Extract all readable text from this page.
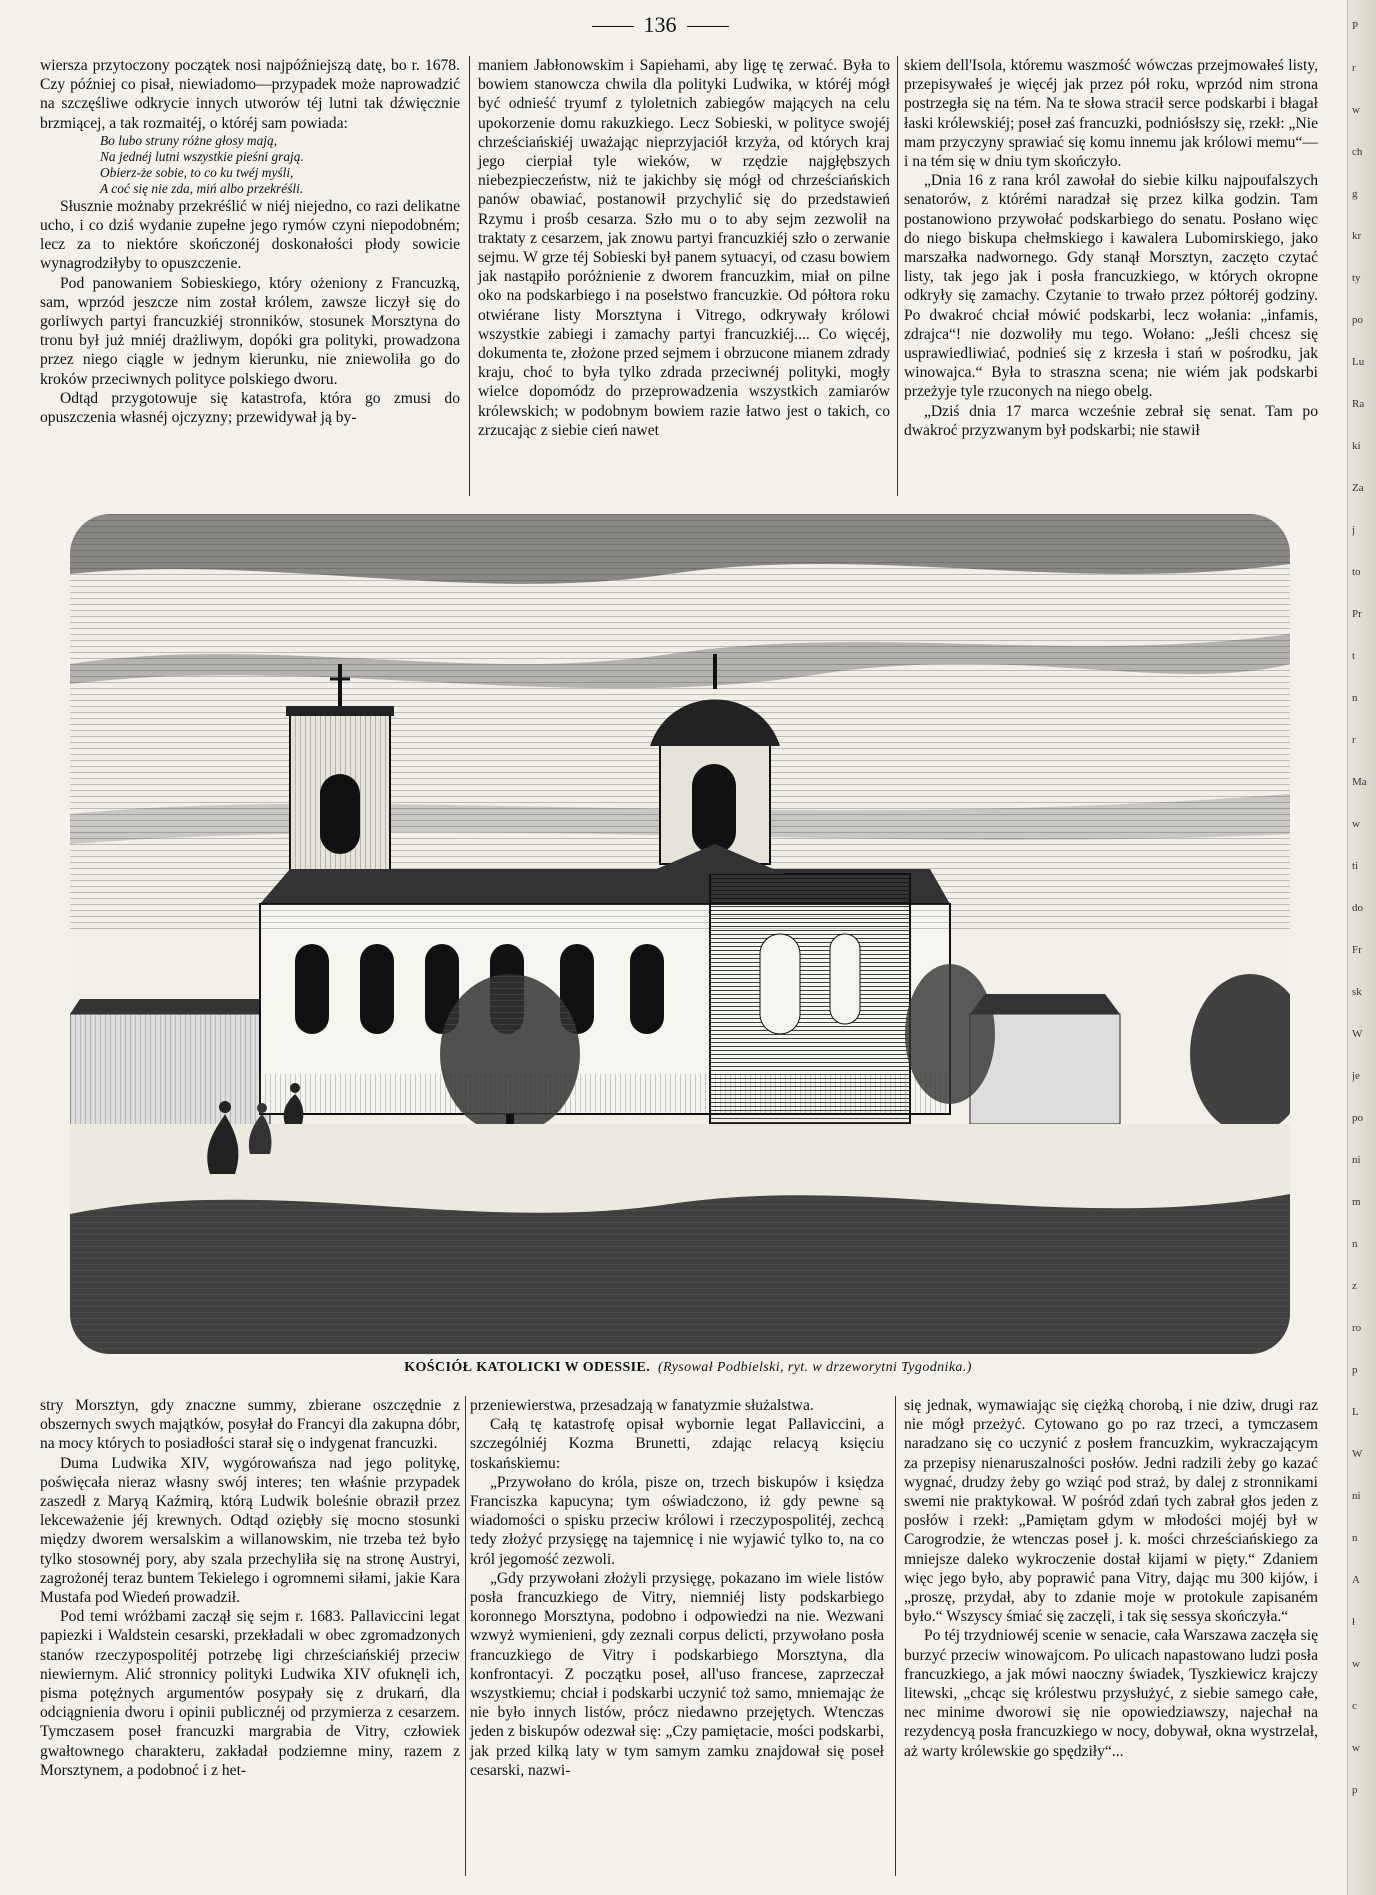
136

wiersza przytoczony początek nosi najpóźniejszą datę, bo r. 1678. Czy później co pisał, niewiadomo—przypadek może naprowadzić na szczęśliwe odkrycie innych utworów téj lutni tak dźwięcznie brzmiącej, a tak rozmaitéj, o któréj sam powiada:

Bo lubo struny różne głosy mają,

Na jednéj lutni wszystkie pieśni grają.

Obierz-że sobie, to co ku twéj myśli,

A coć się nie zda, miń albo przekréśli.

Słusznie możnaby przekréślić w niéj niejedno, co razi delikatne ucho, i co dziś wydanie zupełne jego rymów czyni niepodobném; lecz za to niektóre skończonéj doskonałości płody sowicie wynagrodziłyby to opuszczenie.

Pod panowaniem Sobieskiego, który ożeniony z Francuzką, sam, wprzód jeszcze nim został królem, zawsze liczył się do gorliwych partyi francuzkiéj stronników, stosunek Morsztyna do tronu był już mniéj drażliwym, dopóki gra polityki, prowadzona przez niego ciągle w jednym kierunku, nie zniewoliła go do kroków przeciwnych polityce polskiego dworu.

Odtąd przygotowuje się katastrofa, która go zmusi do opuszczenia własnéj ojczyzny; przewidywał ją by-

maniem Jabłonowskim i Sapiehami, aby ligę tę zerwać. Była to bowiem stanowcza chwila dla polityki Ludwika, w któréj mógł być odnieść tryumf z tyloletnich zabiegów mających na celu upokorzenie domu rakuzkiego. Lecz Sobieski, w polityce swojéj chrześciańskiéj uważając nieprzyjaciół krzyża, od których kraj jego cierpiał tyle wieków, w rzędzie najgłębszych niebezpieczeństw, niż te jakichby się mógł od chrześciańskich panów obawiać, postanowił przychylić się do przedstawień Rzymu i prośb cesarza. Szło mu o to aby sejm zezwolił na traktaty z cesarzem, jak znowu partyi francuzkiéj szło o zerwanie sejmu. W grze téj Sobieski był panem sytuacyi, od czasu bowiem jak nastąpiło poróżnienie z dworem francuzkim, miał on pilne oko na podskarbiego i na posełstwo francuzkie. Od półtora roku otwiérane listy Morsztyna i Vitrego, odkrywały królowi wszystkie zabiegi i zamachy partyi francuzkiéj.... Co więcéj, dokumenta te, złożone przed sejmem i obrzucone mianem zdrady kraju, choć to była tylko zdrada przeciwnéj polityki, mogły wielce dopomódz do przeprowadzenia wszystkich zamiarów królewskich; w podobnym bowiem razie łatwo jest o takich, co zrzucając z siebie cień nawet

skiem dell'Isola, któremu waszmość wówczas przejmowałeś listy, przepisywałeś je więcéj jak przez pół roku, wprzód nim strona postrzegła się na tém. Na te słowa stracił serce podskarbi i błagał łaski królewskiéj; poseł zaś francuzki, podniósłszy się, rzekł: „Nie mam przyczyny sprawiać się komu innemu jak królowi memu“—i na tém się w dniu tym skończyło.

„Dnia 16 z rana król zawołał do siebie kilku najpoufalszych senatorów, z którémi naradzał się przez kilka godzin. Tam postanowiono przywołać podskarbiego do senatu. Posłano więc do niego biskupa chełmskiego i kawalera Lubomirskiego, jako marszałka nadwornego. Gdy stanął Morsztyn, zaczęto czytać listy, tak jego jak i posła francuzkiego, w których okropne odkryły się zamachy. Czytanie to trwało przez półtoréj godziny. Po dwakroć chciał mówić podskarbi, lecz wołania: „infamis, zdrajca“! nie dozwoliły mu tego. Wołano: „Jeśli chcesz się usprawiedliwiać, podnieś się z krzesła i stań w pośrodku, jak winowajca.“ Była to straszna scena; nie wiém jak podskarbi przeżyje tyle rzuconych na niego obelg.

„Dziś dnia 17 marca wcześnie zebrał się senat. Tam po dwakroć przyzwanym był podskarbi; nie stawił

KOŚCIÓŁ KATOLICKI W ODESSIE. (Rysował Podbielski, ryt. w drzeworytni Tygodnika.)

stry Morsztyn, gdy znaczne summy, zbierane oszczędnie z obszernych swych majątków, posyłał do Francyi dla zakupna dóbr, na mocy których to posiadłości starał się o indygenat francuzki.

Duma Ludwika XIV, wygórowańsza nad jego politykę, poświęcała nieraz własny swój interes; ten właśnie przypadek zaszedł z Maryą Kaźmirą, którą Ludwik boleśnie obraził przez lekceważenie jéj krewnych. Odtąd oziębły się mocno stosunki między dworem wersalskim a willanowskim, nie trzeba też było tylko stosownéj pory, aby szala przechyliła się na stronę Austryi, zagrożonéj teraz buntem Tekielego i ogromnemi siłami, jakie Kara Mustafa pod Wiedeń prowadził.

Pod temi wróżbami zaczął się sejm r. 1683. Pallaviccini legat papiezki i Waldstein cesarski, przekładali w obec zgromadzonych stanów rzeczypospolitéj potrzebę ligi chrześciańskiéj przeciw niewiernym. Alić stronnicy polityki Ludwika XIV ofuknęli ich, pisma potężnych argumentów posypały się z drukarń, dla odciągnienia dworu i opinii publicznéj od przymierza z cesarzem. Tymczasem poseł francuzki margrabia de Vitry, człowiek gwałtownego charakteru, zakładał podziemne miny, razem z Morsztynem, a podobnoć i z het-

przeniewierstwa, przesadzają w fanatyzmie służalstwa.

Całą tę katastrofę opisał wybornie legat Pallaviccini, a szczególniéj Kozma Brunetti, zdając relacyą księciu toskańskiemu:

„Przywołano do króla, pisze on, trzech biskupów i księdza Franciszka kapucyna; tym oświadczono, iż gdy pewne są wiadomości o spisku przeciw królowi i rzeczypospolitéj, zechcą tedy złożyć przysięgę na tajemnicę i nie wyjawić tylko to, na co król jegomość zezwoli.

„Gdy przywołani złożyli przysięgę, pokazano im wiele listów posła francuzkiego de Vitry, niemniéj listy podskarbiego koronnego Morsztyna, podobno i odpowiedzi na nie. Wezwani wzwyż wymienieni, gdy zeznali corpus delicti, przywołano posła francuzkiego de Vitry i podskarbiego Morsztyna, dla konfrontacyi. Z początku poseł, all'uso francese, zaprzeczał wszystkiemu; chciał i podskarbi uczynić toż samo, mniemając że nie było innych listów, prócz niedawno przejętych. Wtenczas jeden z biskupów odezwał się: „Czy pamiętacie, mości podskarbi, jak przed kilką laty w tym samym zamku znajdował się poseł cesarski, nazwi-

się jednak, wymawiając się ciężką chorobą, i nie dziw, drugi raz nie mógł przeżyć. Cytowano go po raz trzeci, a tymczasem naradzano się co uczynić z posłem francuzkim, wykraczającym za przepisy nienaruszalności posłów. Jedni radzili żeby go kazać wygnać, drudzy żeby go wziąć pod straż, by dalej z stronnikami swemi nie praktykował. W pośród zdań tych zabrał głos jeden z posłów i rzekł: „Pamiętam gdym w młodości mojéj był w Carogrodzie, że wtenczas poseł j. k. mości chrześciańskiego za mniejsze daleko wykroczenie dostał kijami w pięty.“ Zdaniem więc jego było, aby poprawić pana Vitry, dając mu 300 kijów, i „proszę, przydał, aby to zdanie moje w protokule zapisaném było.“ Wszyscy śmiać się zaczęli, i tak się sessya skończyła.“

Po téj trzydniowéj scenie w senacie, cała Warszawa zaczęła się burzyć przeciw winowajcom. Po ulicach napastowano ludzi posła francuzkiego, a jak mówi naoczny świadek, Tyszkiewicz krajczy litewski, „chcąc się królestwu przysłużyć, z siebie samego całe, nec minime dworowi się nie opowiedziawszy, najechał na rezydencyą posła francuzkiego w nocy, dobywał, okna wystrzelał, aż warty królewskie go spędziły“...

P
r
w
ch
g
kr
ty
po
Lu
Ra
ki
Za
j
to
Pr
t
n
r
Ma
w
ti
do
Fr
sk
W
je
po
ni
m
n
z
ro
p
L
W
ni
n
A
ł
w
c
w
p
